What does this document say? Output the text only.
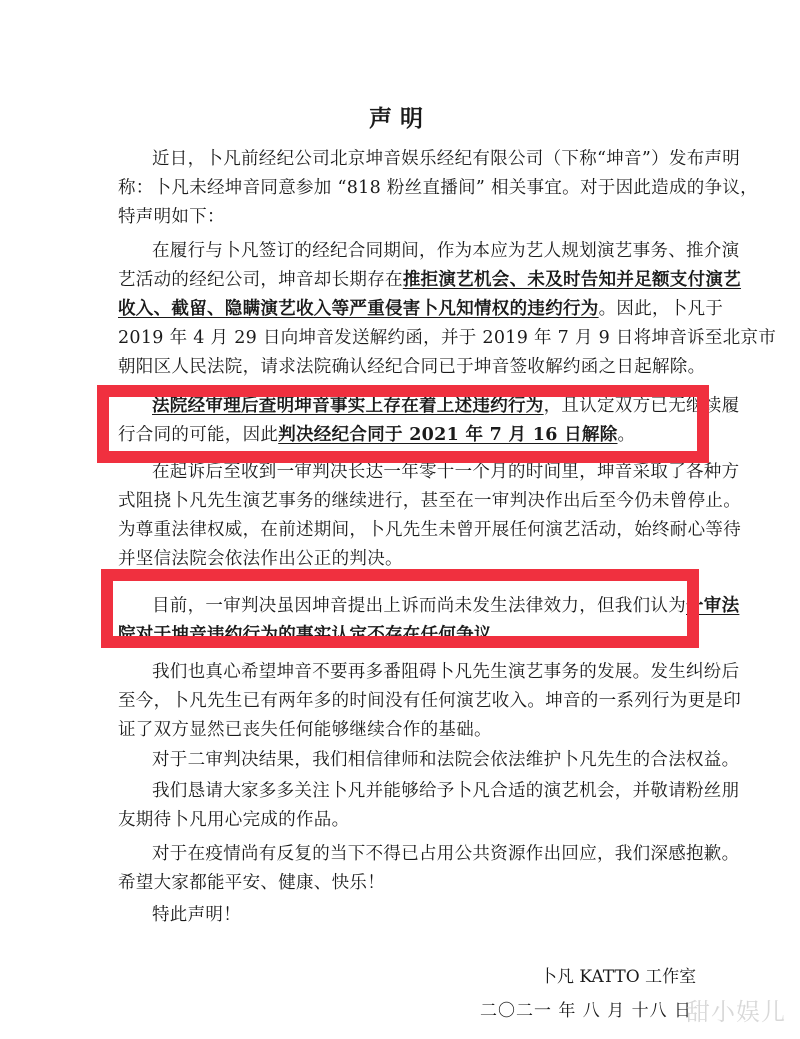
声明
近日，卜凡前经纪公司北京坤音娱乐经纪有限公司（下称“坤音”）发布声明
称：卜凡未经坤音同意参加 “818 粉丝直播间” 相关事宜。对于因此造成的争议，
特声明如下：
在履行与卜凡签订的经纪合同期间，作为本应为艺人规划演艺事务、推介演
艺活动的经纪公司，坤音却长期存在推拒演艺机会、未及时告知并足额支付演艺
收入、截留、隐瞒演艺收入等严重侵害卜凡知情权的违约行为。因此，卜凡于
2019 年 4 月 29 日向坤音发送解约函，并于 2019 年 7 月 9 日将坤音诉至北京市
朝阳区人民法院，请求法院确认经纪合同已于坤音签收解约函之日起解除。
法院经审理后查明坤音事实上存在着上述违约行为，且认定双方已无继续履
行合同的可能，因此判决经纪合同于 2021 年 7 月 16 日解除。
在起诉后至收到一审判决长达一年零十一个月的时间里，坤音采取了各种方
式阻挠卜凡先生演艺事务的继续进行，甚至在一审判决作出后至今仍未曾停止。
为尊重法律权威，在前述期间，卜凡先生未曾开展任何演艺活动，始终耐心等待
并坚信法院会依法作出公正的判决。
目前，一审判决虽因坤音提出上诉而尚未发生法律效力，但我们认为一审法
院对于坤音违约行为的事实认定不存在任何争议。
我们也真心希望坤音不要再多番阻碍卜凡先生演艺事务的发展。发生纠纷后
至今，卜凡先生已有两年多的时间没有任何演艺收入。坤音的一系列行为更是印
证了双方显然已丧失任何能够继续合作的基础。
对于二审判决结果，我们相信律师和法院会依法维护卜凡先生的合法权益。
我们恳请大家多多关注卜凡并能够给予卜凡合适的演艺机会，并敬请粉丝朋
友期待卜凡用心完成的作品。
对于在疫情尚有反复的当下不得已占用公共资源作出回应，我们深感抱歉。
希望大家都能平安、健康、快乐！
特此声明！
卜凡 KATTO 工作室
二〇二一 年 八 月 十八 日
甜小娱儿
